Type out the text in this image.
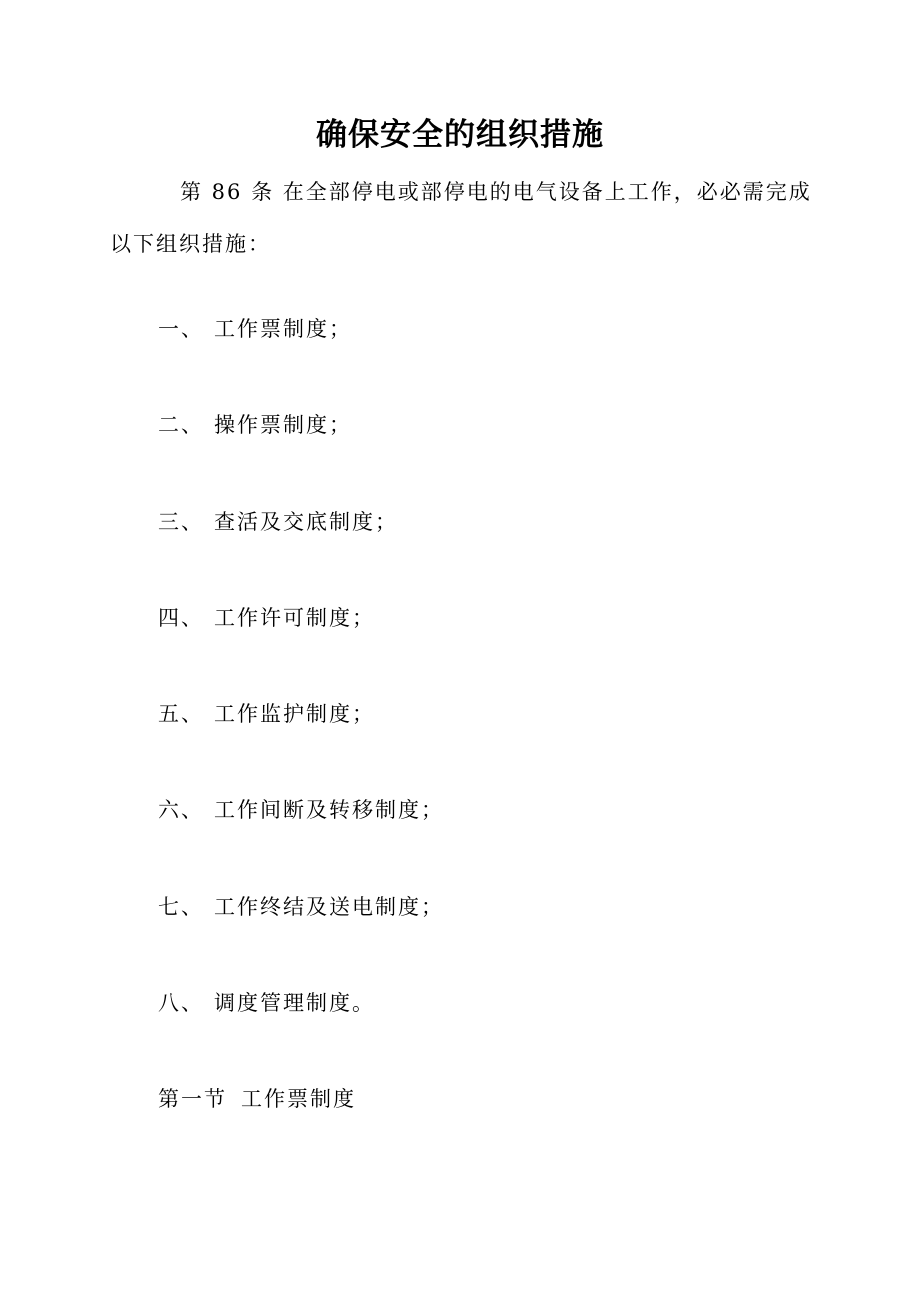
确保安全的组织措施
第 86 条 在全部停电或部停电的电气设备上工作，必必需完成
以下组织措施：
一、 工作票制度；
二、 操作票制度；
三、 查活及交底制度；
四、 工作许可制度；
五、 工作监护制度；
六、 工作间断及转移制度；
七、 工作终结及送电制度；
八、 调度管理制度。
第一节 工作票制度
